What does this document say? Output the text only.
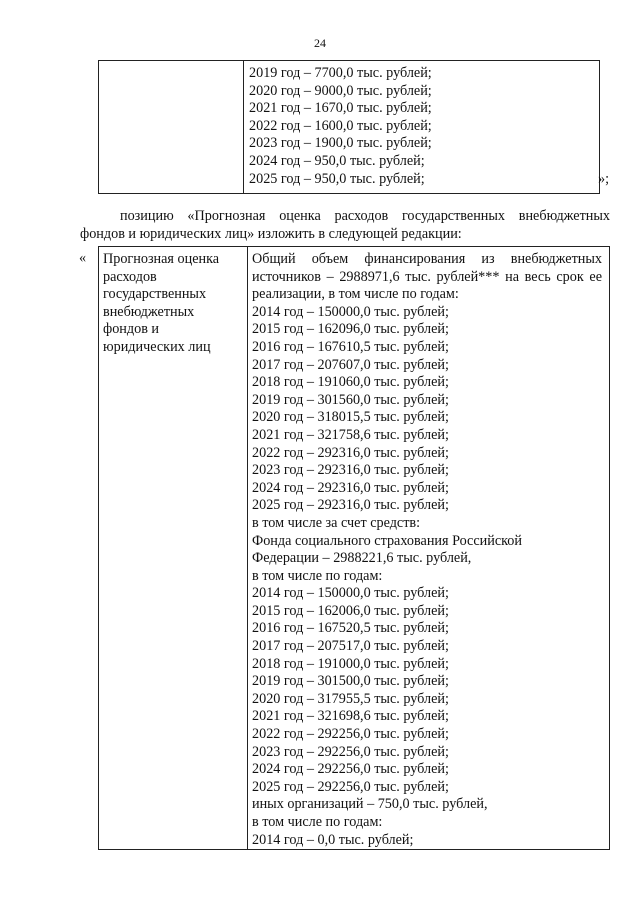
24

2019 год – 7700,0 тыс. рублей;
2020 год – 9000,0 тыс. рублей;
2021 год – 1670,0 тыс. рублей;
2022 год – 1600,0 тыс. рублей;
2023 год – 1900,0 тыс. рублей;
2024 год – 950,0 тыс. рублей;
2025 год – 950,0 тыс. рублей;	»;
позицию «Прогнозная оценка расходов государственных внебюджетных
фондов и юридических лиц» изложить в следующей редакции:
« Прогнозная оценка
расходов
государственных
внебюджетных
фондов и
юридических лиц

Общий объем финансирования из внебюджетных источников – 2988971,6 тыс. рублей*** на весь срок ее реализации, в том числе по годам:
2014 год – 150000,0 тыс. рублей;
2015 год – 162096,0 тыс. рублей;
2016 год – 167610,5 тыс. рублей;
2017 год – 207607,0 тыс. рублей;
2018 год – 191060,0 тыс. рублей;
2019 год – 301560,0 тыс. рублей;
2020 год – 318015,5 тыс. рублей;
2021 год – 321758,6 тыс. рублей;
2022 год – 292316,0 тыс. рублей;
2023 год – 292316,0 тыс. рублей;
2024 год – 292316,0 тыс. рублей;
2025 год – 292316,0 тыс. рублей;
в том числе за счет средств:
Фонда социального страхования Российской
Федерации – 2988221,6 тыс. рублей,
в том числе по годам:
2014 год – 150000,0 тыс. рублей;
2015 год – 162006,0 тыс. рублей;
2016 год – 167520,5 тыс. рублей;
2017 год – 207517,0 тыс. рублей;
2018 год – 191000,0 тыс. рублей;
2019 год – 301500,0 тыс. рублей;
2020 год – 317955,5 тыс. рублей;
2021 год – 321698,6 тыс. рублей;
2022 год – 292256,0 тыс. рублей;
2023 год – 292256,0 тыс. рублей;
2024 год – 292256,0 тыс. рублей;
2025 год – 292256,0 тыс. рублей;
иных организаций – 750,0 тыс. рублей,
в том числе по годам:
2014 год – 0,0 тыс. рублей;
